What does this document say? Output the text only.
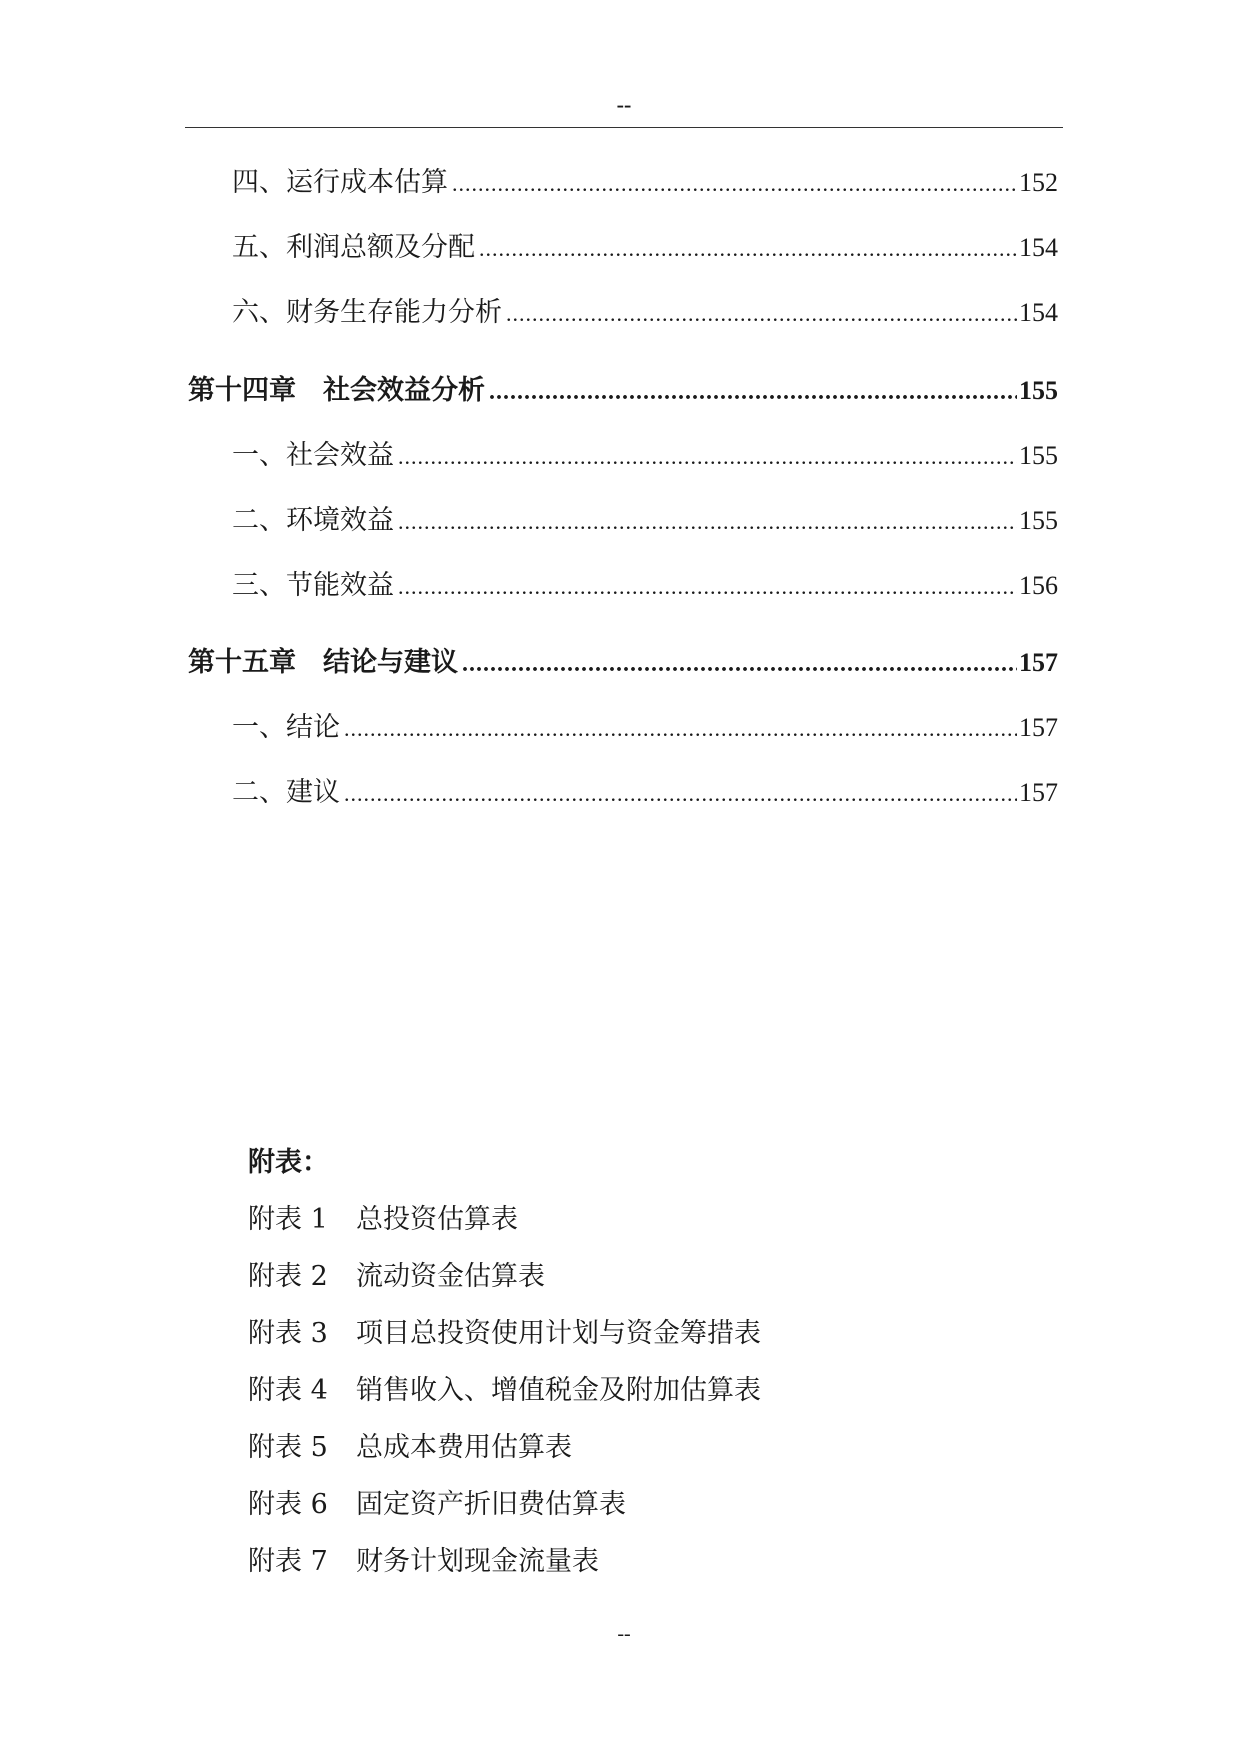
--
四、运行成本估算 .....	152
五、利润总额及分配 .....	154
六、财务生存能力分析 .....	154
第十四章　社会效益分析 .....	155
一、社会效益 .....	155
二、环境效益 .....	155
三、节能效益 .....	156
第十五章　结论与建议 .....	157
一、结论 .....	157
二、建议 .....	157
附表：
附表 1	总投资估算表
附表 2	流动资金估算表
附表 3	项目总投资使用计划与资金筹措表
附表 4	销售收入、增值税金及附加估算表
附表 5	总成本费用估算表
附表 6	固定资产折旧费估算表
附表 7	财务计划现金流量表
--
